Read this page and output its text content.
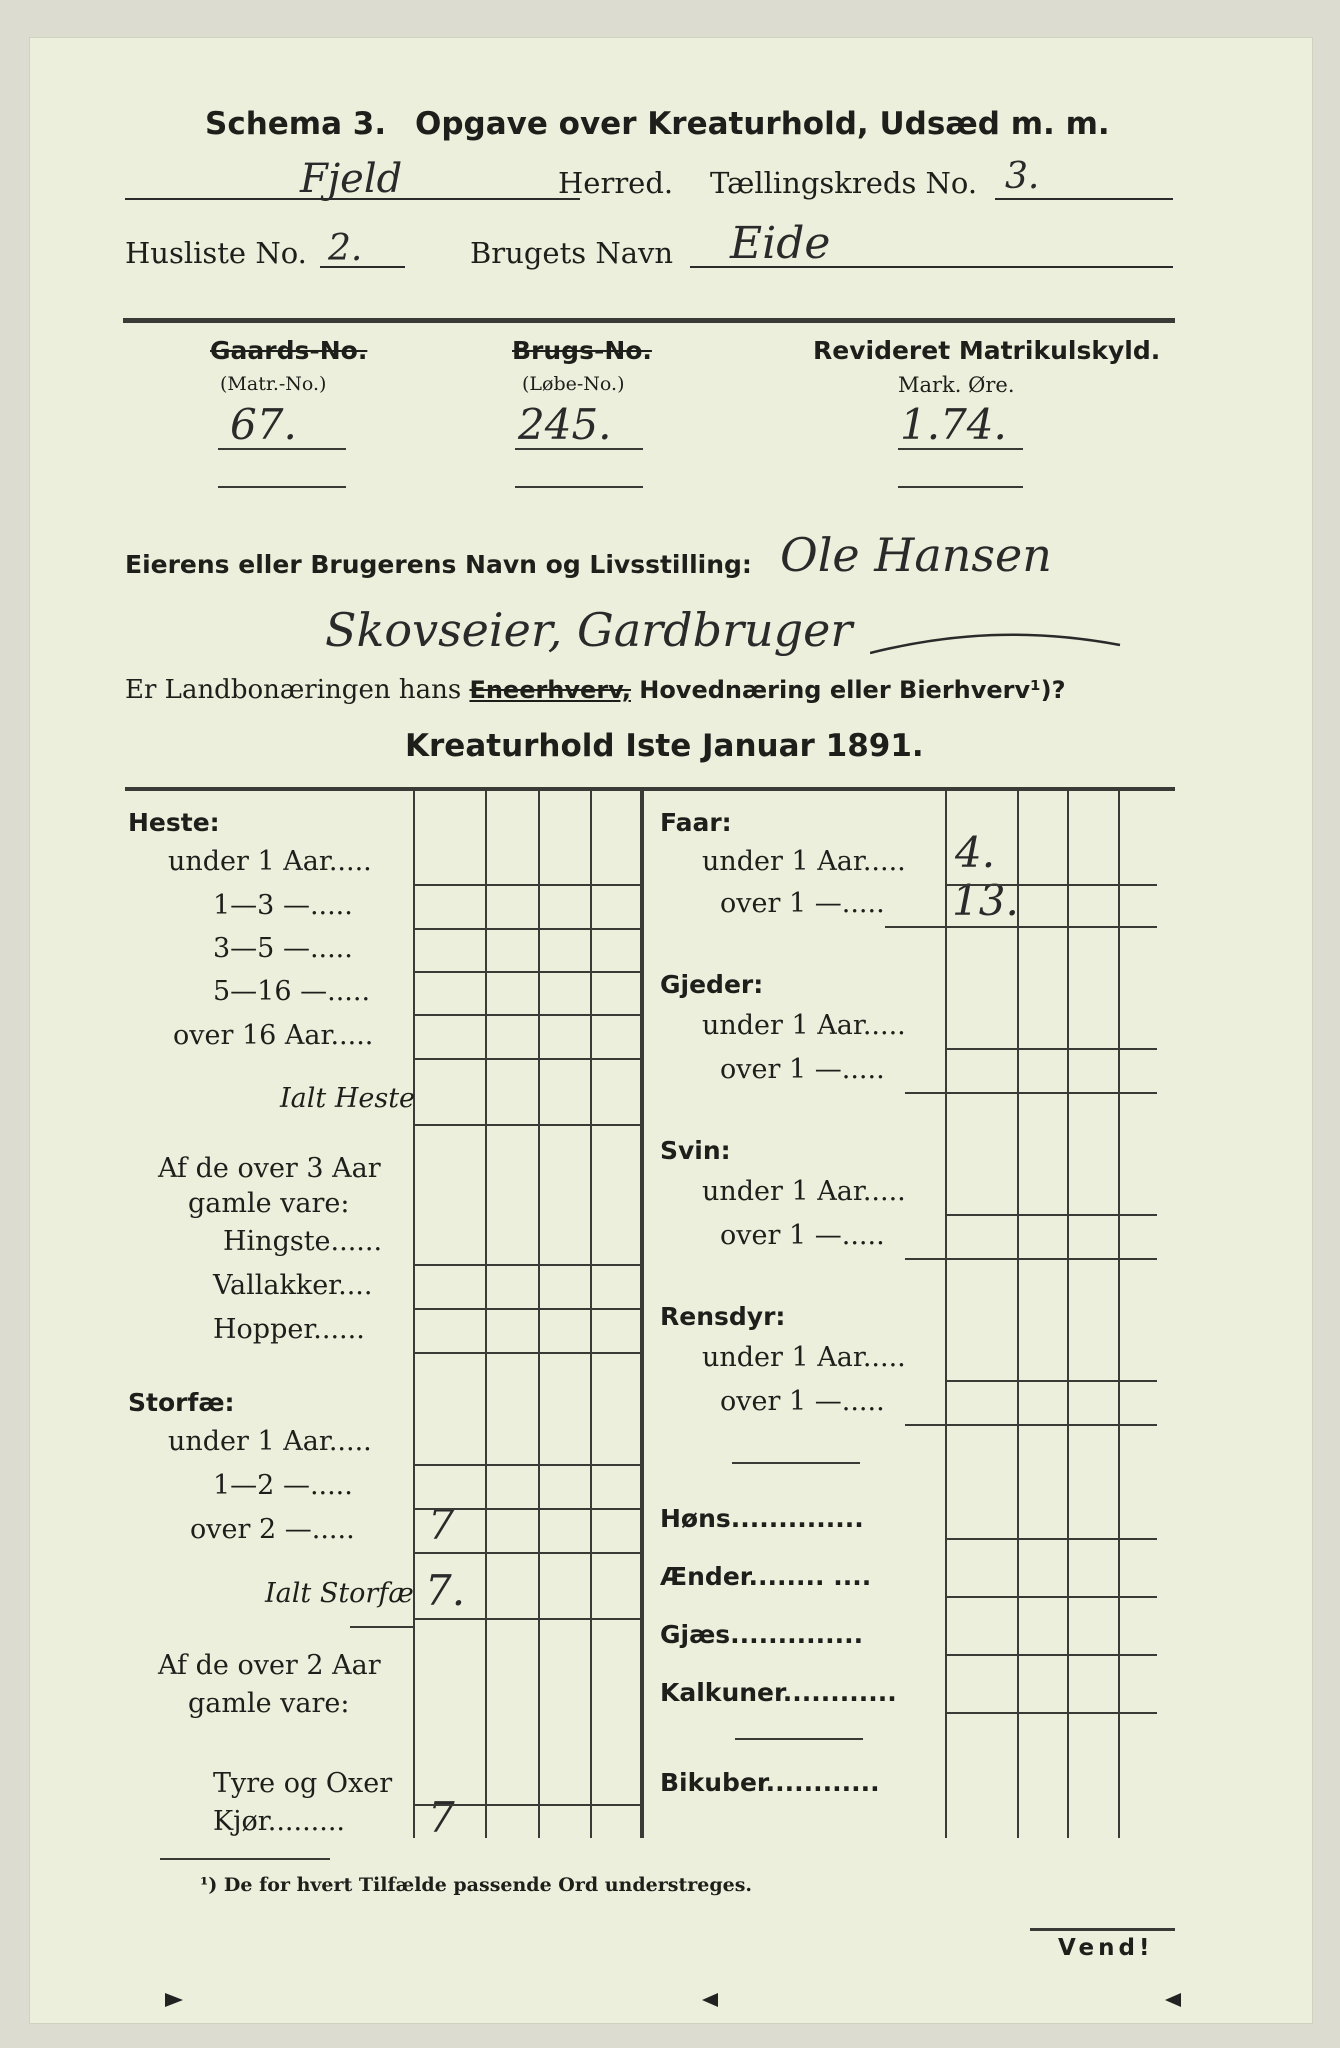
Schema 3. Opgave over Kreaturhold, Udsæd m. m.
Fjeld	Herred. Tællingskreds No. 3.
Husliste No. 2.	Brugets Navn Eide
Gaards-No.
(Matr.-No.)
67.
Brugs-No.
(Løbe-No.)
245.
Revideret Matrikulskyld.
Mark. Øre.
1.74.
Eierens eller Brugerens Navn og Livsstilling: Ole Hansen
Skovseier, Gardbruger
Er Landbonæringen hans Eneerhverv, Hovednæring eller Bierhverv¹)?
Kreaturhold Iste Januar 1891.
Heste:
under 1 Aar.....
1—3 —.....
3—5 —.....
5—16 —.....
over 16 Aar.....
Ialt Heste
Af de over 3 Aar
gamle vare:
Hingste......
Vallakker....
Hopper......
Storfæ:
under 1 Aar.....
1—2 —.....
over 2 —..... 7
Ialt Storfæ 7.
Af de over 2 Aar
gamle vare:
Tyre og Oxer
Kjør......... 7
Faar:
under 1 Aar..... 4.
over 1 —..... 13.
Gjeder:
under 1 Aar.....
over 1 —.....
Svin:
under 1 Aar.....
over 1 —.....
Rensdyr:
under 1 Aar.....
over 1 —.....
Høns..............
Ænder........ ....
Gjæs..............
Kalkuner............
Bikuber............
¹) De for hvert Tilfælde passende Ord understreges.
Vend!
